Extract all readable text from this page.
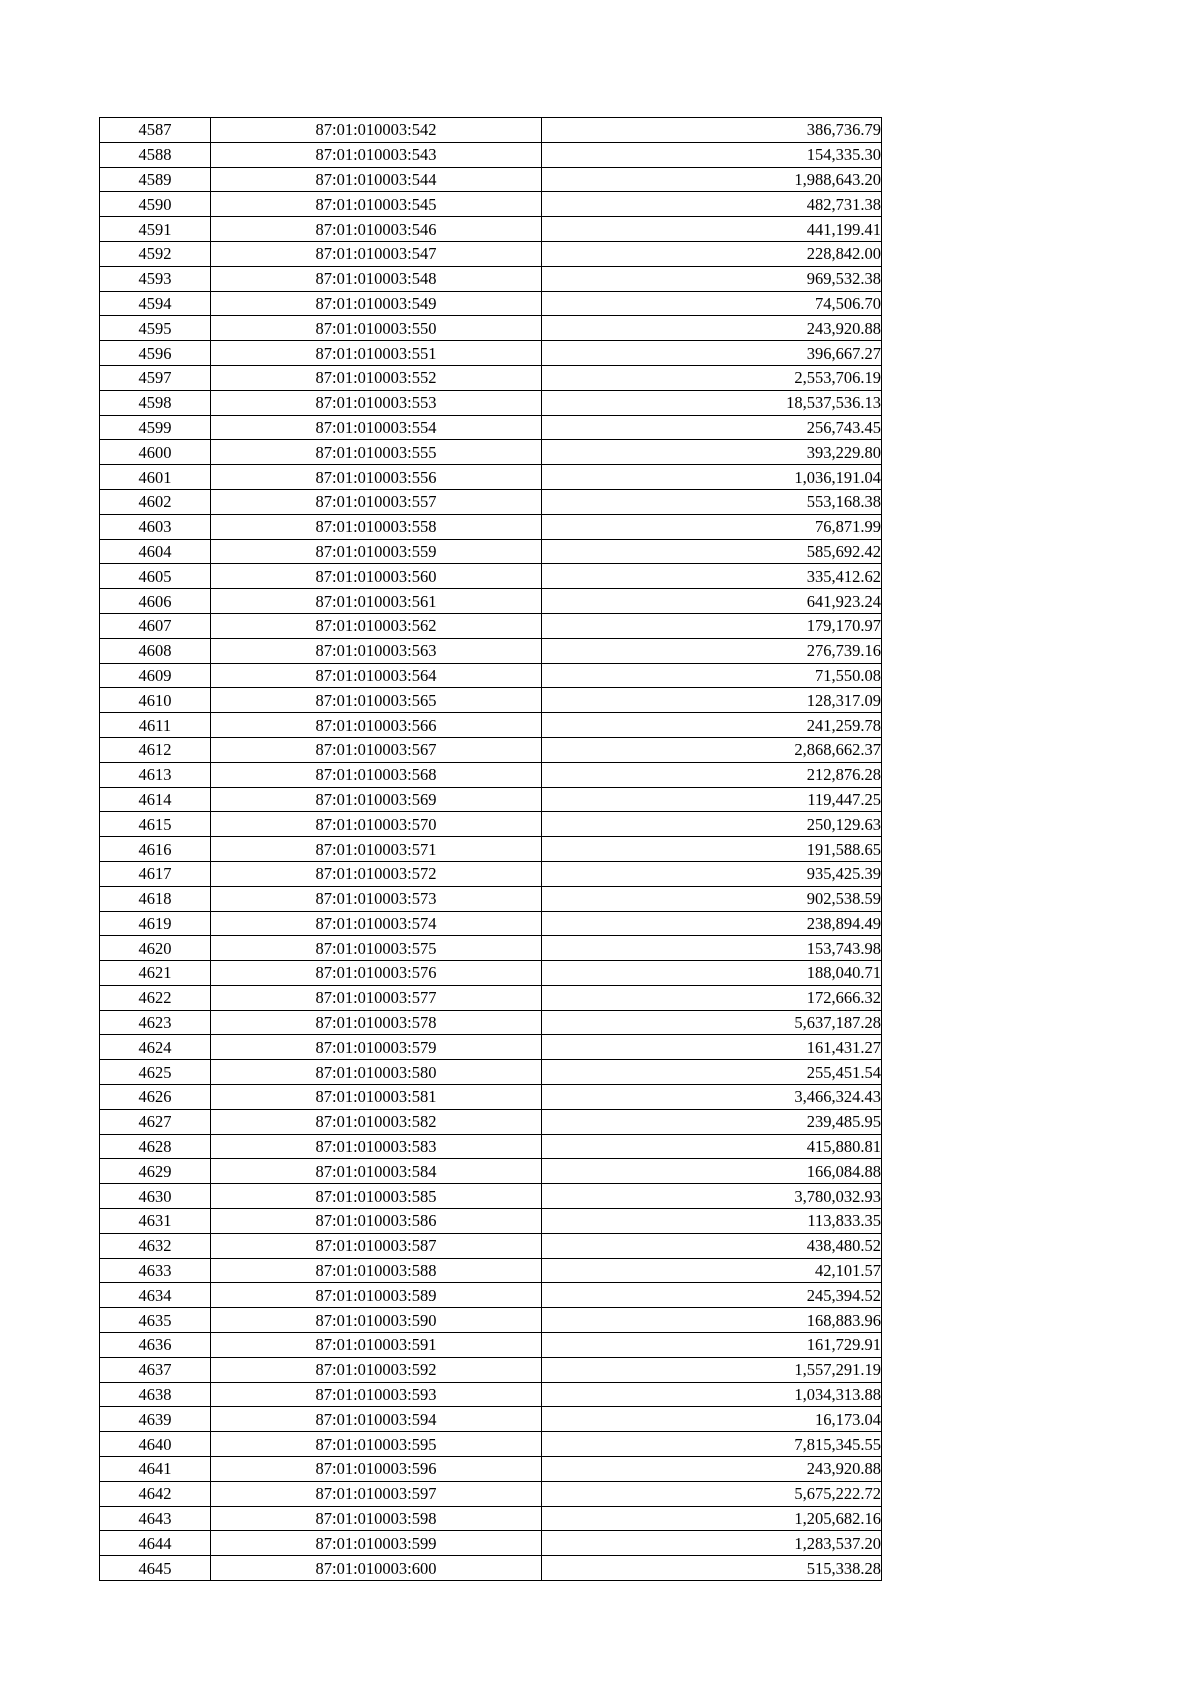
4587	87:01:010003:542	386,736.79
4588	87:01:010003:543	154,335.30
4589	87:01:010003:544	1,988,643.20
4590	87:01:010003:545	482,731.38
4591	87:01:010003:546	441,199.41
4592	87:01:010003:547	228,842.00
4593	87:01:010003:548	969,532.38
4594	87:01:010003:549	74,506.70
4595	87:01:010003:550	243,920.88
4596	87:01:010003:551	396,667.27
4597	87:01:010003:552	2,553,706.19
4598	87:01:010003:553	18,537,536.13
4599	87:01:010003:554	256,743.45
4600	87:01:010003:555	393,229.80
4601	87:01:010003:556	1,036,191.04
4602	87:01:010003:557	553,168.38
4603	87:01:010003:558	76,871.99
4604	87:01:010003:559	585,692.42
4605	87:01:010003:560	335,412.62
4606	87:01:010003:561	641,923.24
4607	87:01:010003:562	179,170.97
4608	87:01:010003:563	276,739.16
4609	87:01:010003:564	71,550.08
4610	87:01:010003:565	128,317.09
4611	87:01:010003:566	241,259.78
4612	87:01:010003:567	2,868,662.37
4613	87:01:010003:568	212,876.28
4614	87:01:010003:569	119,447.25
4615	87:01:010003:570	250,129.63
4616	87:01:010003:571	191,588.65
4617	87:01:010003:572	935,425.39
4618	87:01:010003:573	902,538.59
4619	87:01:010003:574	238,894.49
4620	87:01:010003:575	153,743.98
4621	87:01:010003:576	188,040.71
4622	87:01:010003:577	172,666.32
4623	87:01:010003:578	5,637,187.28
4624	87:01:010003:579	161,431.27
4625	87:01:010003:580	255,451.54
4626	87:01:010003:581	3,466,324.43
4627	87:01:010003:582	239,485.95
4628	87:01:010003:583	415,880.81
4629	87:01:010003:584	166,084.88
4630	87:01:010003:585	3,780,032.93
4631	87:01:010003:586	113,833.35
4632	87:01:010003:587	438,480.52
4633	87:01:010003:588	42,101.57
4634	87:01:010003:589	245,394.52
4635	87:01:010003:590	168,883.96
4636	87:01:010003:591	161,729.91
4637	87:01:010003:592	1,557,291.19
4638	87:01:010003:593	1,034,313.88
4639	87:01:010003:594	16,173.04
4640	87:01:010003:595	7,815,345.55
4641	87:01:010003:596	243,920.88
4642	87:01:010003:597	5,675,222.72
4643	87:01:010003:598	1,205,682.16
4644	87:01:010003:599	1,283,537.20
4645	87:01:010003:600	515,338.28
